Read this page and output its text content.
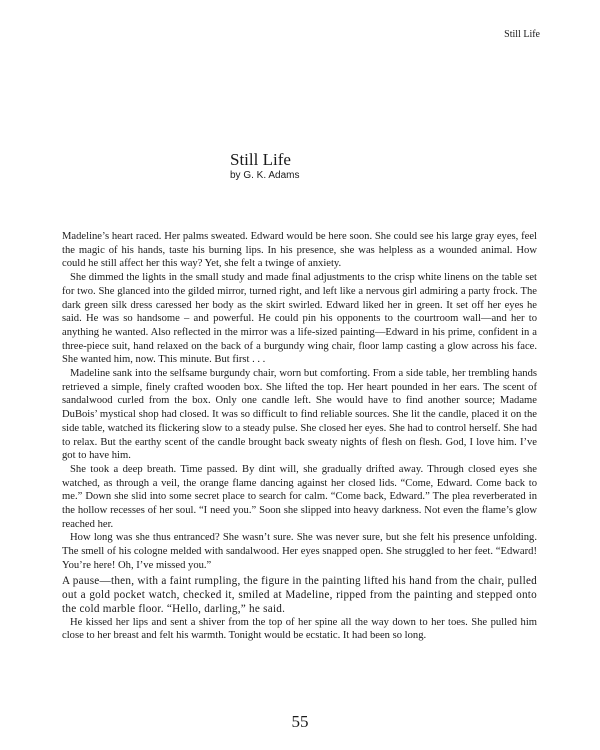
Still Life
Still Life

by G. K. Adams

Madeline’s heart raced. Her palms sweated. Edward would be here soon. She could see his large gray eyes, feel the magic of his hands, taste his burning lips. In his presence, she was helpless as a wounded animal. How could he still affect her this way? Yet, she felt a twinge of anxiety.

She dimmed the lights in the small study and made final adjustments to the crisp white linens on the table set for two. She glanced into the gilded mirror, turned right, and left like a nervous girl admiring a party frock. The dark green silk dress caressed her body as the skirt swirled. Edward liked her in green. It set off her eyes he said. He was so handsome – and powerful. He could pin his opponents to the courtroom wall—and her to anything he wanted. Also reflected in the mirror was a life-sized painting—Edward in his prime, confident in a three-piece suit, hand relaxed on the back of a burgundy wing chair, floor lamp casting a glow across his face. She wanted him, now. This minute. But first . . .

Madeline sank into the selfsame burgundy chair, worn but comforting. From a side table, her trembling hands retrieved a simple, finely crafted wooden box. She lifted the top. Her heart pounded in her ears. The scent of sandalwood curled from the box. Only one candle left. She would have to find another source; Madame DuBois’ mystical shop had closed. It was so difficult to find reliable sources. She lit the candle, placed it on the side table, watched its flickering slow to a steady pulse. She closed her eyes. She had to control herself. She had to relax. But the earthy scent of the candle brought back sweaty nights of flesh on flesh. God, I love him. I’ve got to have him.

She took a deep breath. Time passed. By dint will, she gradually drifted away. Through closed eyes she watched, as through a veil, the orange flame dancing against her closed lids. “Come, Edward. Come back to me.” Down she slid into some secret place to search for calm. “Come back, Edward.” The plea reverberated in the hollow recesses of her soul. “I need you.” Soon she slipped into heavy darkness. Not even the flame’s glow reached her.

How long was she thus entranced? She wasn’t sure. She was never sure, but she felt his presence unfolding. The smell of his cologne melded with sandalwood. Her eyes snapped open. She struggled to her feet. “Edward! You’re here! Oh, I’ve missed you.”

A pause—then, with a faint rumpling, the figure in the painting lifted his hand from the chair, pulled out a gold pocket watch, checked it, smiled at Madeline, ripped from the painting and stepped onto the cold marble floor. “Hello, darling,” he said.

He kissed her lips and sent a shiver from the top of her spine all the way down to her toes. She pulled him close to her breast and felt his warmth. Tonight would be ecstatic. It had been so long.

55
